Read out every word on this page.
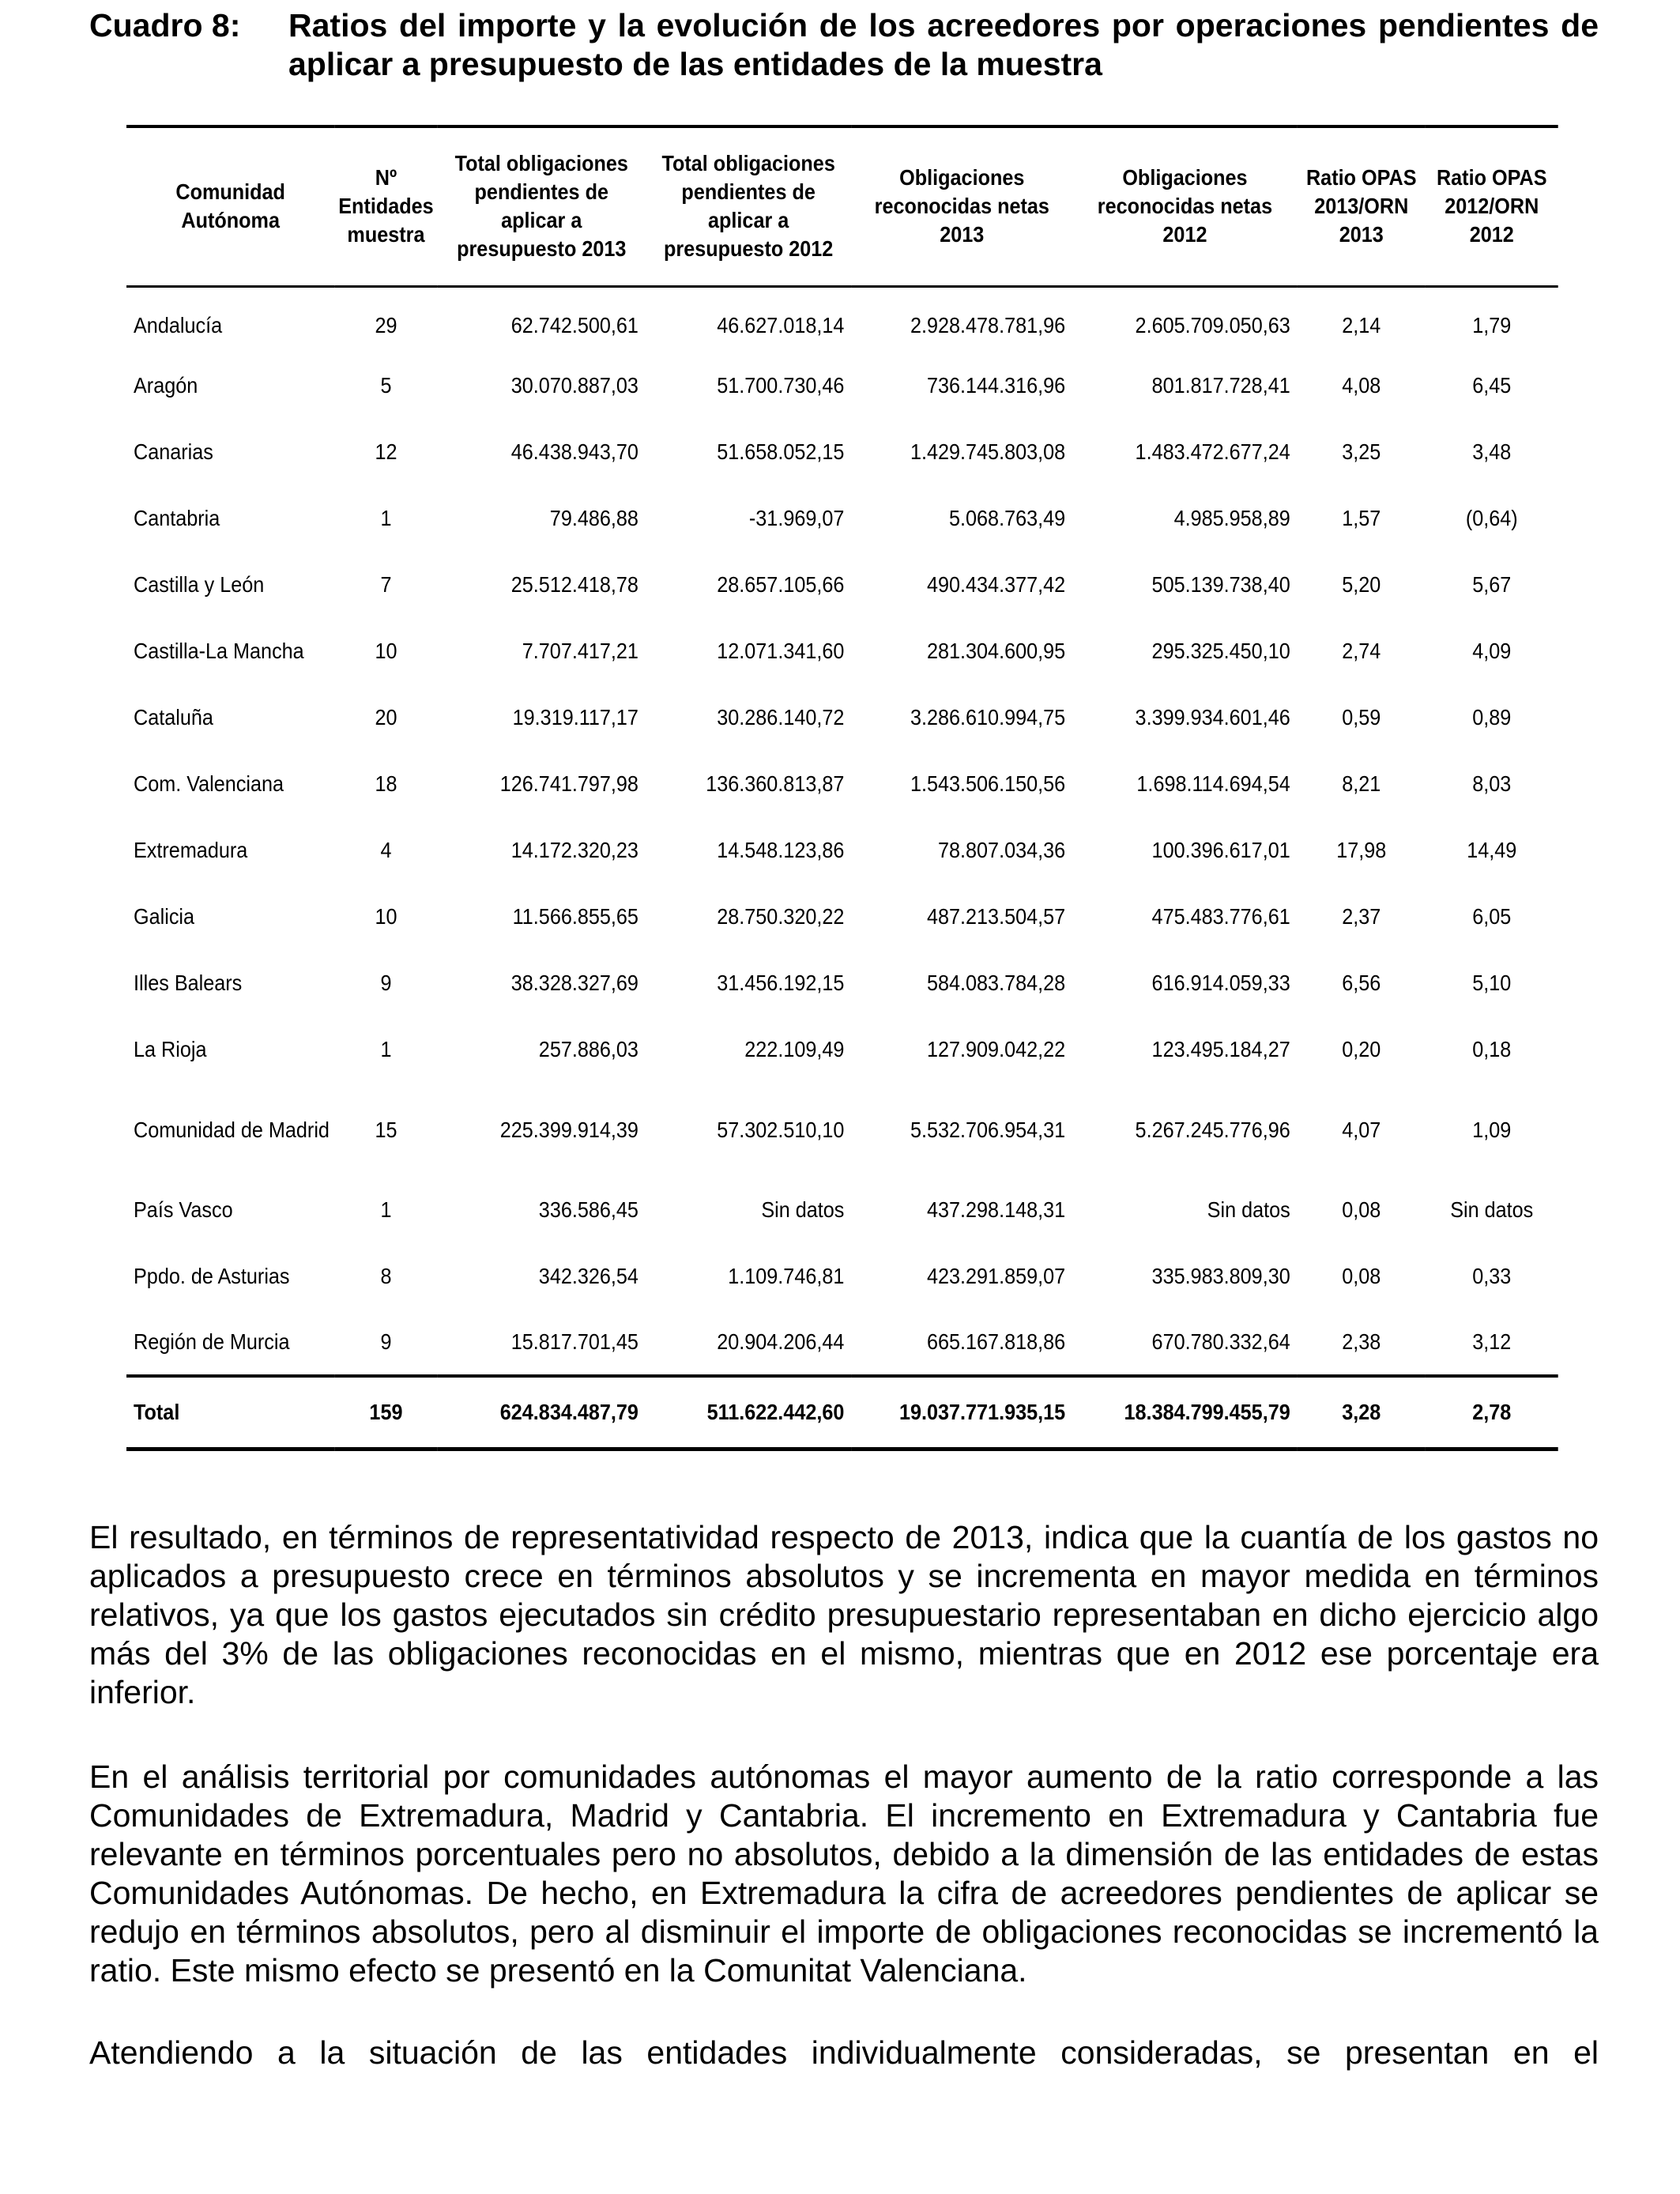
Cuadro 8: Ratios del importe y la evolución de los acreedores por operaciones pendientes de aplicar a presupuesto de las entidades de la muestra
Comunidad Autónoma	Nº Entidades muestra	Total obligaciones pendientes de aplicar a presupuesto 2013	Total obligaciones pendientes de aplicar a presupuesto 2012	Obligaciones reconocidas netas 2013	Obligaciones reconocidas netas 2012	Ratio OPAS 2013/ORN 2013	Ratio OPAS 2012/ORN 2012
Andalucía	29	62.742.500,61	46.627.018,14	2.928.478.781,96	2.605.709.050,63	2,14	1,79
Aragón	5	30.070.887,03	51.700.730,46	736.144.316,96	801.817.728,41	4,08	6,45
Canarias	12	46.438.943,70	51.658.052,15	1.429.745.803,08	1.483.472.677,24	3,25	3,48
Cantabria	1	79.486,88	-31.969,07	5.068.763,49	4.985.958,89	1,57	(0,64)
Castilla y León	7	25.512.418,78	28.657.105,66	490.434.377,42	505.139.738,40	5,20	5,67
Castilla-La Mancha	10	7.707.417,21	12.071.341,60	281.304.600,95	295.325.450,10	2,74	4,09
Cataluña	20	19.319.117,17	30.286.140,72	3.286.610.994,75	3.399.934.601,46	0,59	0,89
Com. Valenciana	18	126.741.797,98	136.360.813,87	1.543.506.150,56	1.698.114.694,54	8,21	8,03
Extremadura	4	14.172.320,23	14.548.123,86	78.807.034,36	100.396.617,01	17,98	14,49
Galicia	10	11.566.855,65	28.750.320,22	487.213.504,57	475.483.776,61	2,37	6,05
Illes Balears	9	38.328.327,69	31.456.192,15	584.083.784,28	616.914.059,33	6,56	5,10
La Rioja	1	257.886,03	222.109,49	127.909.042,22	123.495.184,27	0,20	0,18
Comunidad de Madrid	15	225.399.914,39	57.302.510,10	5.532.706.954,31	5.267.245.776,96	4,07	1,09
País Vasco	1	336.586,45	Sin datos	437.298.148,31	Sin datos	0,08	Sin datos
Ppdo. de Asturias	8	342.326,54	1.109.746,81	423.291.859,07	335.983.809,30	0,08	0,33
Región de Murcia	9	15.817.701,45	20.904.206,44	665.167.818,86	670.780.332,64	2,38	3,12
Total	159	624.834.487,79	511.622.442,60	19.037.771.935,15	18.384.799.455,79	3,28	2,78

El resultado, en términos de representatividad respecto de 2013, indica que la cuantía de los gastos no aplicados a presupuesto crece en términos absolutos y se incrementa en mayor medida en términos relativos, ya que los gastos ejecutados sin crédito presupuestario representaban en dicho ejercicio algo más del 3% de las obligaciones reconocidas en el mismo, mientras que en 2012 ese porcentaje era inferior.

En el análisis territorial por comunidades autónomas el mayor aumento de la ratio corresponde a las Comunidades de Extremadura, Madrid y Cantabria. El incremento en Extremadura y Cantabria fue relevante en términos porcentuales pero no absolutos, debido a la dimensión de las entidades de estas Comunidades Autónomas. De hecho, en Extremadura la cifra de acreedores pendientes de aplicar se redujo en términos absolutos, pero al disminuir el importe de obligaciones reconocidas se incrementó la ratio. Este mismo efecto se presentó en la Comunitat Valenciana.

Atendiendo a la situación de las entidades individualmente consideradas, se presentan en el
